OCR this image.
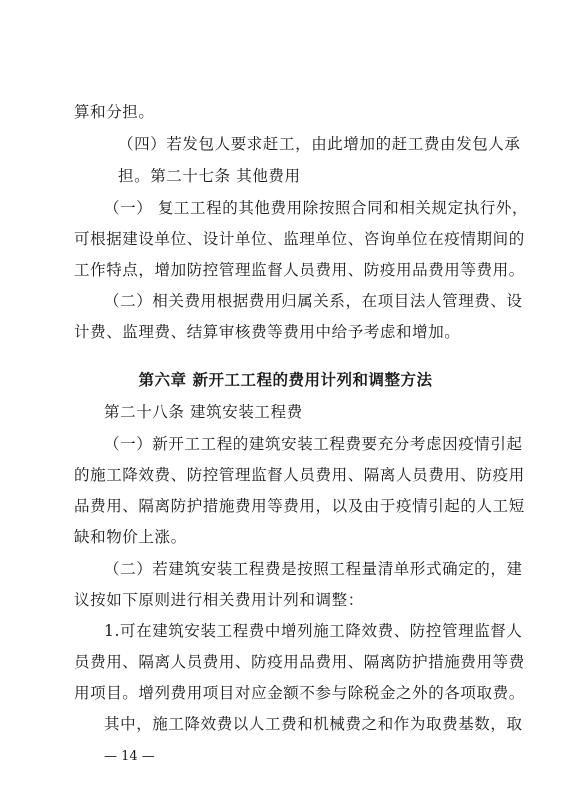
算和分担。
（四）若发包人要求赶工，由此增加的赶工费由发包人承
担。第二十七条 其他费用
（一） 复工工程的其他费用除按照合同和相关规定执行外，
可根据建设单位、设计单位、监理单位、咨询单位在疫情期间的
工作特点，增加防控管理监督人员费用、防疫用品费用等费用。
（二）相关费用根据费用归属关系，在项目法人管理费、设
计费、监理费、结算审核费等费用中给予考虑和增加。
第六章 新开工工程的费用计列和调整方法
第二十八条 建筑安装工程费
（一）新开工工程的建筑安装工程费要充分考虑因疫情引起
的施工降效费、防控管理监督人员费用、隔离人员费用、防疫用
品费用、隔离防护措施费用等费用，以及由于疫情引起的人工短
缺和物价上涨。
（二）若建筑安装工程费是按照工程量清单形式确定的，建
议按如下原则进行相关费用计列和调整：
1.可在建筑安装工程费中增列施工降效费、防控管理监督人
员费用、隔离人员费用、防疫用品费用、隔离防护措施费用等费
用项目。增列费用项目对应金额不参与除税金之外的各项取费。
其中，施工降效费以人工费和机械费之和作为取费基数，取
— 14 —
